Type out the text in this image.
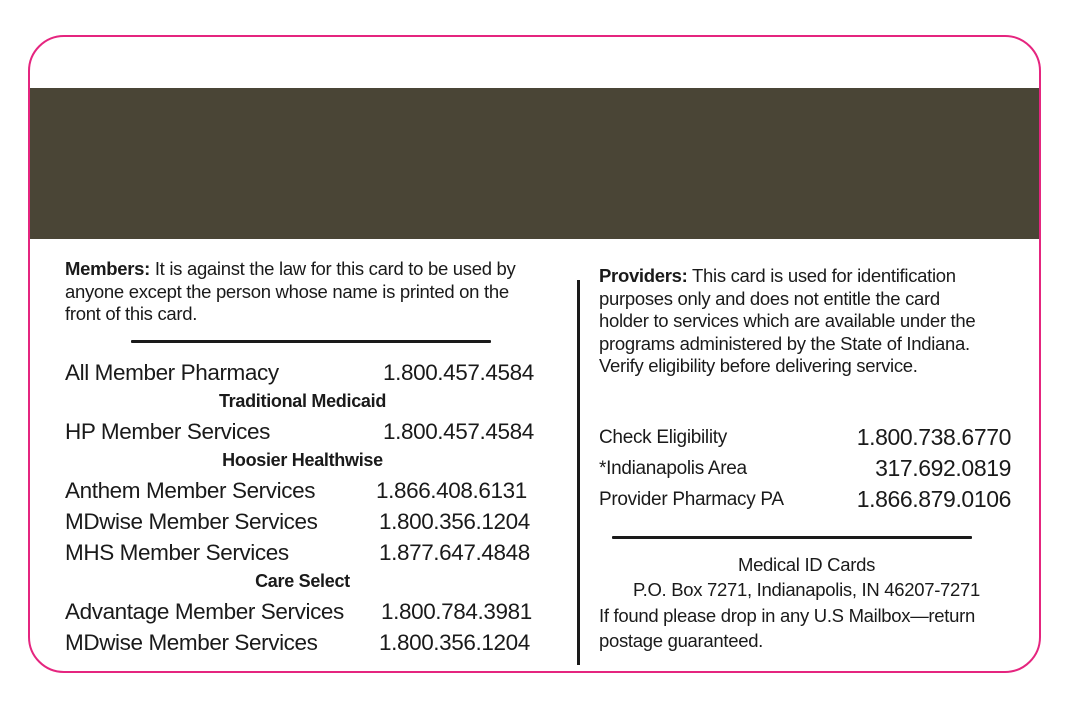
Members: It is against the law for this card to be used by
anyone except the person whose name is printed on the
front of this card.
All Member Pharmacy	1.800.457.4584
Traditional Medicaid
HP Member Services	1.800.457.4584
Hoosier Healthwise
Anthem Member Services	1.866.408.6131
MDwise Member Services	1.800.356.1204
MHS Member Services	1.877.647.4848
Care Select
Advantage Member Services 1.800.784.3981
MDwise Member Services	1.800.356.1204
Providers: This card is used for identification
purposes only and does not entitle the card
holder to services which are available under the
programs administered by the State of Indiana.
Verify eligibility before delivering service.
Check Eligibility	1.800.738.6770
*Indianapolis Area	317.692.0819
Provider Pharmacy PA	1.866.879.0106
Medical ID Cards
P.O. Box 7271, Indianapolis, IN 46207-7271
If found please drop in any U.S Mailbox—return
postage guaranteed.
